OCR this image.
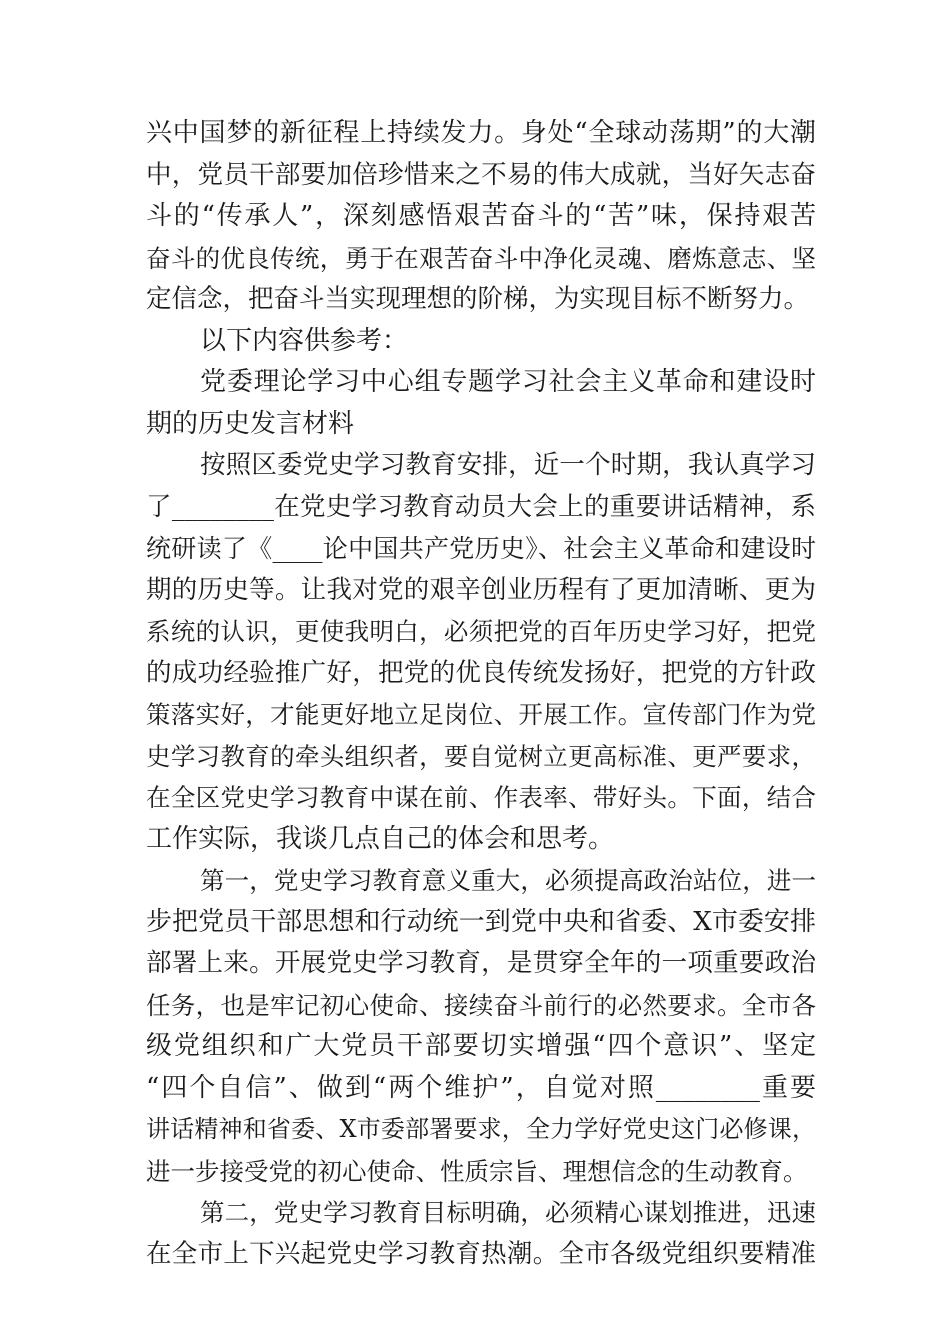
兴中国梦的新征程上持续发力。身处“全球动荡期”的大潮
中，党员干部要加倍珍惜来之不易的伟大成就，当好矢志奋
斗的“传承人”，深刻感悟艰苦奋斗的“苦”味，保持艰苦
奋斗的优良传统，勇于在艰苦奋斗中净化灵魂、磨炼意志、坚
定信念，把奋斗当实现理想的阶梯，为实现目标不断努力。
以下内容供参考：
党委理论学习中心组专题学习社会主义革命和建设时
期的历史发言材料
按照区委党史学习教育安排，近一个时期，我认真学习
了________在党史学习教育动员大会上的重要讲话精神，系
统研读了《____论中国共产党历史》、社会主义革命和建设时
期的历史等。让我对党的艰辛创业历程有了更加清晰、更为
系统的认识，更使我明白，必须把党的百年历史学习好，把党
的成功经验推广好，把党的优良传统发扬好，把党的方针政
策落实好，才能更好地立足岗位、开展工作。宣传部门作为党
史学习教育的牵头组织者，要自觉树立更高标准、更严要求，
在全区党史学习教育中谋在前、作表率、带好头。下面，结合
工作实际，我谈几点自己的体会和思考。
第一，党史学习教育意义重大，必须提高政治站位，进一
步把党员干部思想和行动统一到党中央和省委、X市委安排
部署上来。开展党史学习教育，是贯穿全年的一项重要政治
任务，也是牢记初心使命、接续奋斗前行的必然要求。全市各
级党组织和广大党员干部要切实增强“四个意识”、坚定
“四个自信”、做到“两个维护”，自觉对照________重要
讲话精神和省委、X市委部署要求，全力学好党史这门必修课，
进一步接受党的初心使命、性质宗旨、理想信念的生动教育。
第二，党史学习教育目标明确，必须精心谋划推进，迅速
在全市上下兴起党史学习教育热潮。全市各级党组织要精准
